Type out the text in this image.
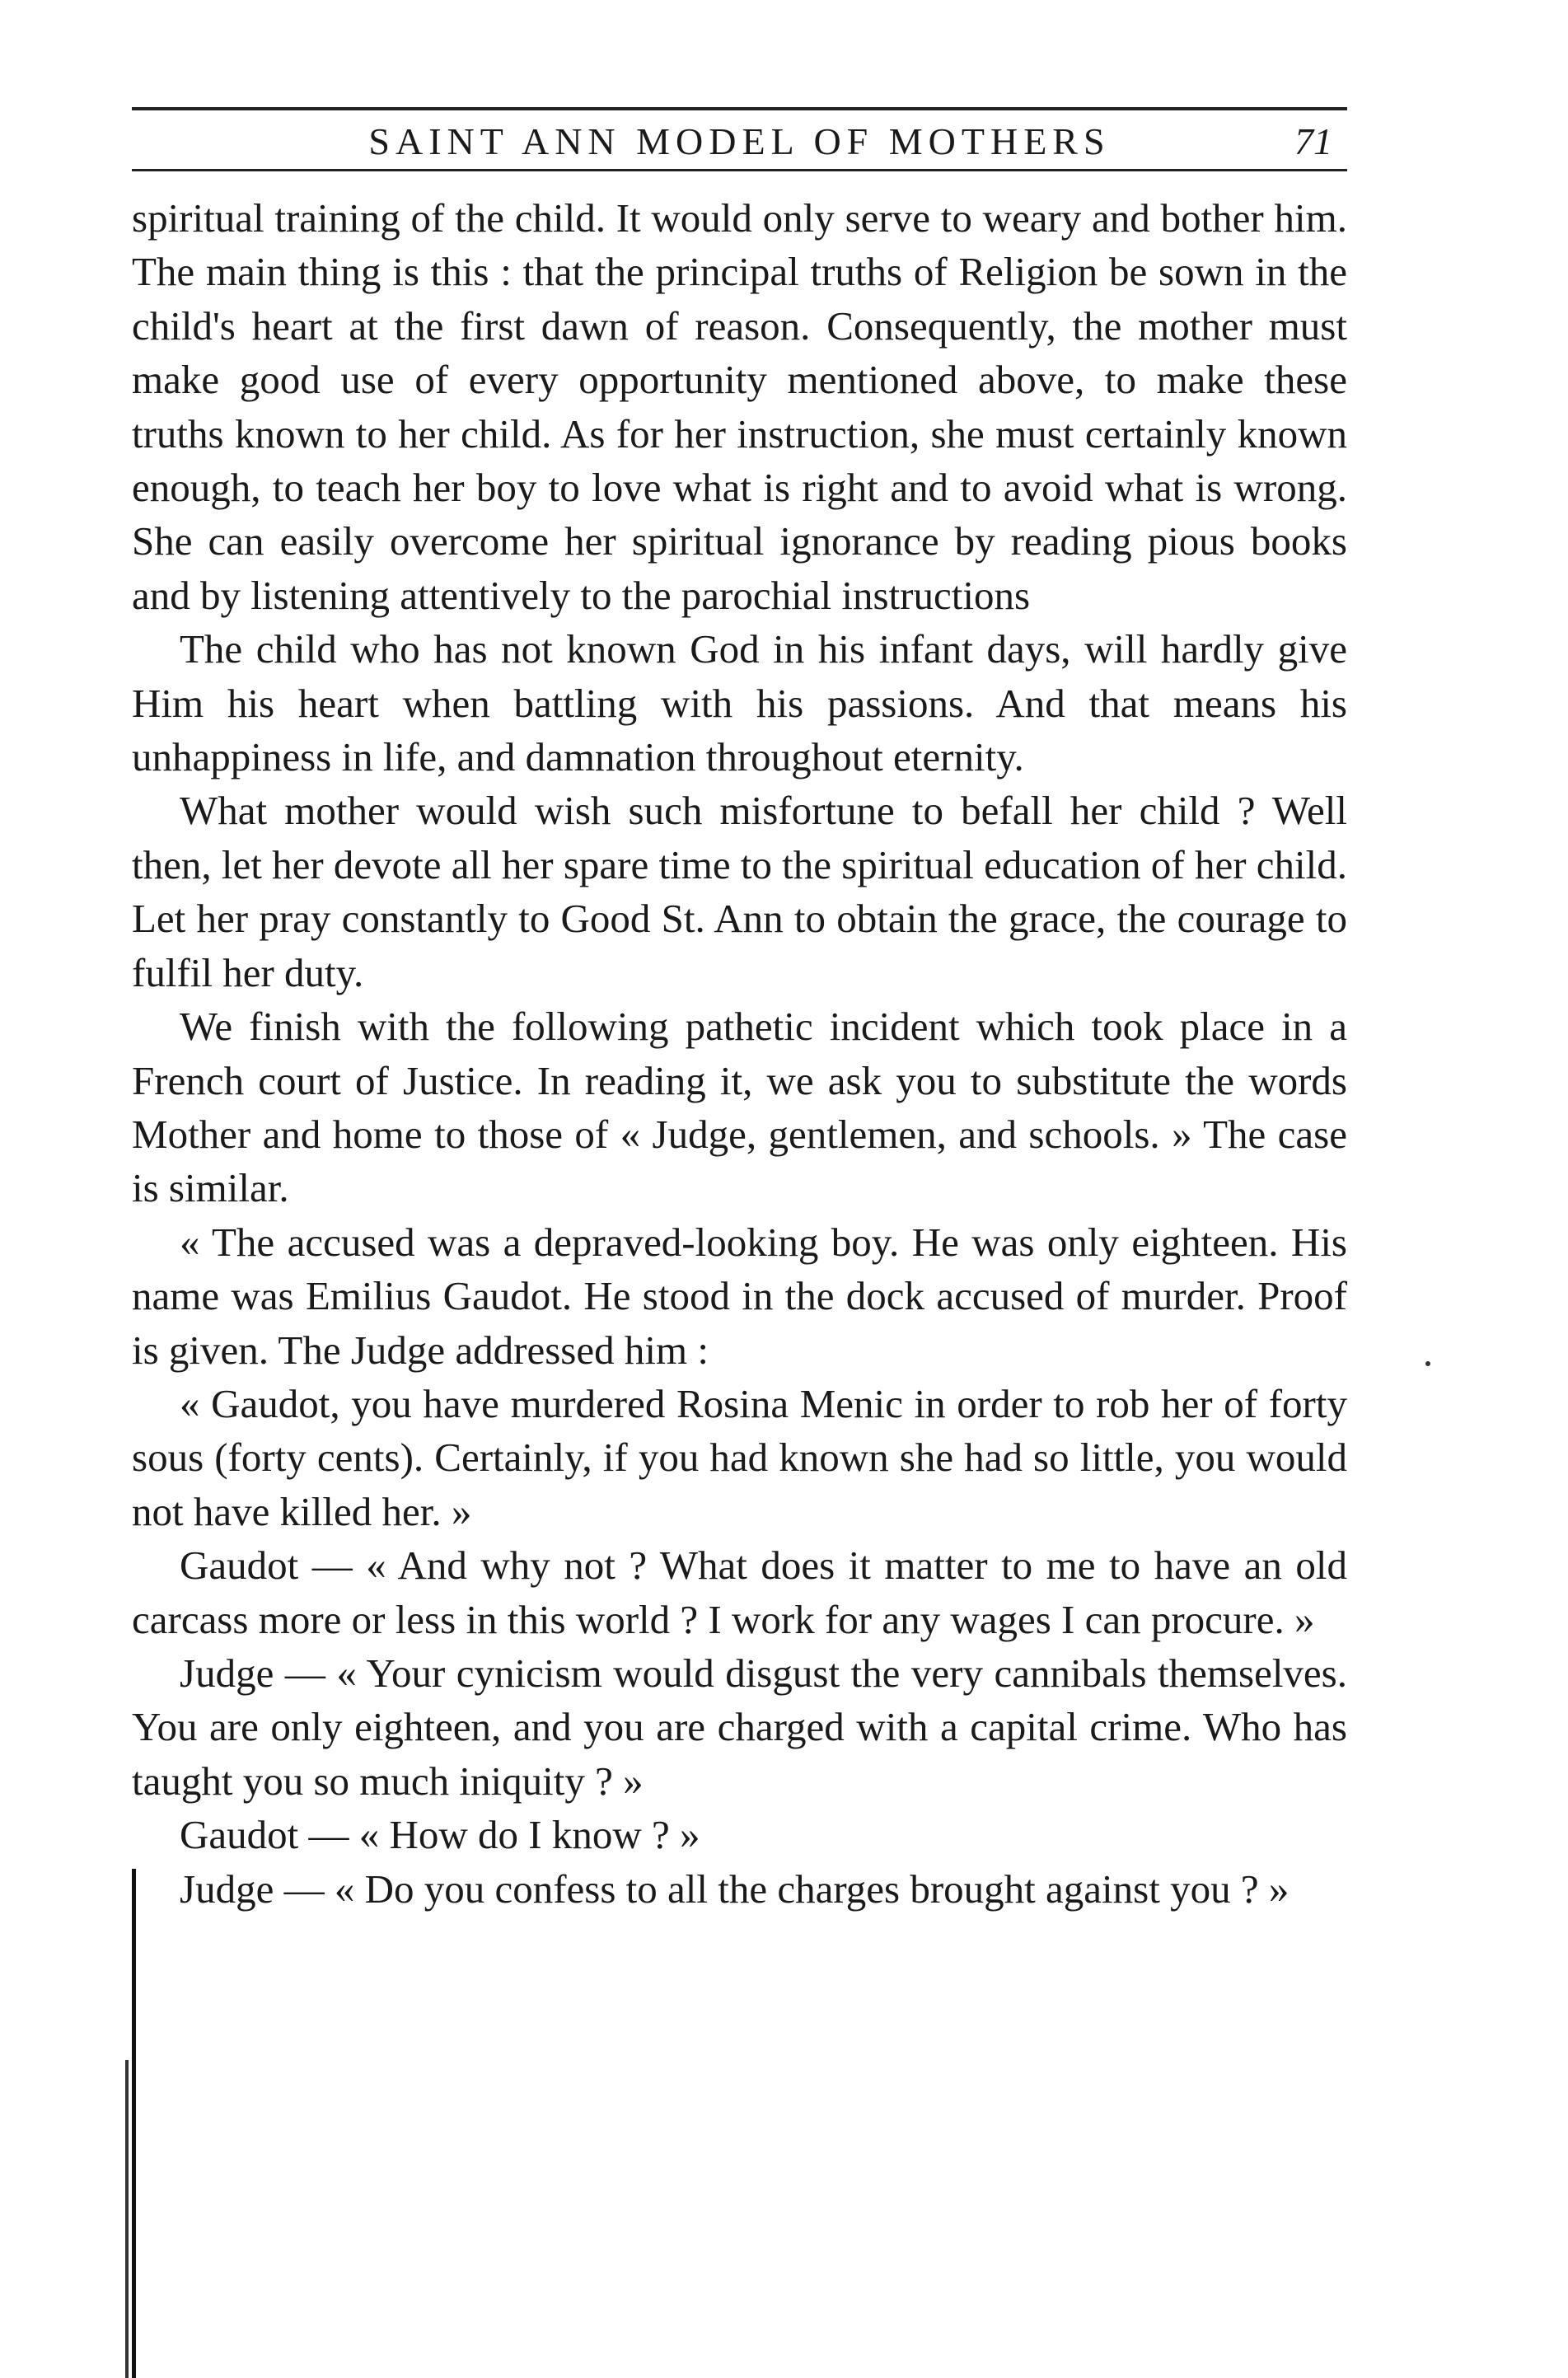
SAINT ANN MODEL OF MOTHERS	71

spiritual training of the child. It would only serve to weary and bother him. The main thing is this : that the principal truths of Religion be sown in the child's heart at the first dawn of reason. Consequently, the mother must make good use of every opportunity mentioned above, to make these truths known to her child. As for her instruction, she must certainly known enough, to teach her boy to love what is right and to avoid what is wrong. She can easily overcome her spiritual ignorance by reading pious books and by listening attentively to the parochial instructions

The child who has not known God in his infant days, will hardly give Him his heart when battling with his passions. And that means his unhappiness in life, and damnation throughout eternity.

What mother would wish such misfortune to befall her child ? Well then, let her devote all her spare time to the spiritual education of her child. Let her pray constantly to Good St. Ann to obtain the grace, the courage to fulfil her duty.

We finish with the following pathetic incident which took place in a French court of Justice. In reading it, we ask you to substitute the words Mother and home to those of « Judge, gentlemen, and schools. » The case is similar.

« The accused was a depraved-looking boy. He was only eighteen. His name was Emilius Gaudot. He stood in the dock accused of murder. Proof is given. The Judge addressed him :

« Gaudot, you have murdered Rosina Menic in order to rob her of forty sous (forty cents). Certainly, if you had known she had so little, you would not have killed her. »

Gaudot — « And why not ? What does it matter to me to have an old carcass more or less in this world ? I work for any wages I can procure. »

Judge — « Your cynicism would disgust the very cannibals themselves. You are only eighteen, and you are charged with a capital crime. Who has taught you so much iniquity ? »

Gaudot — « How do I know ? »

Judge — « Do you confess to all the charges brought against you ? »
